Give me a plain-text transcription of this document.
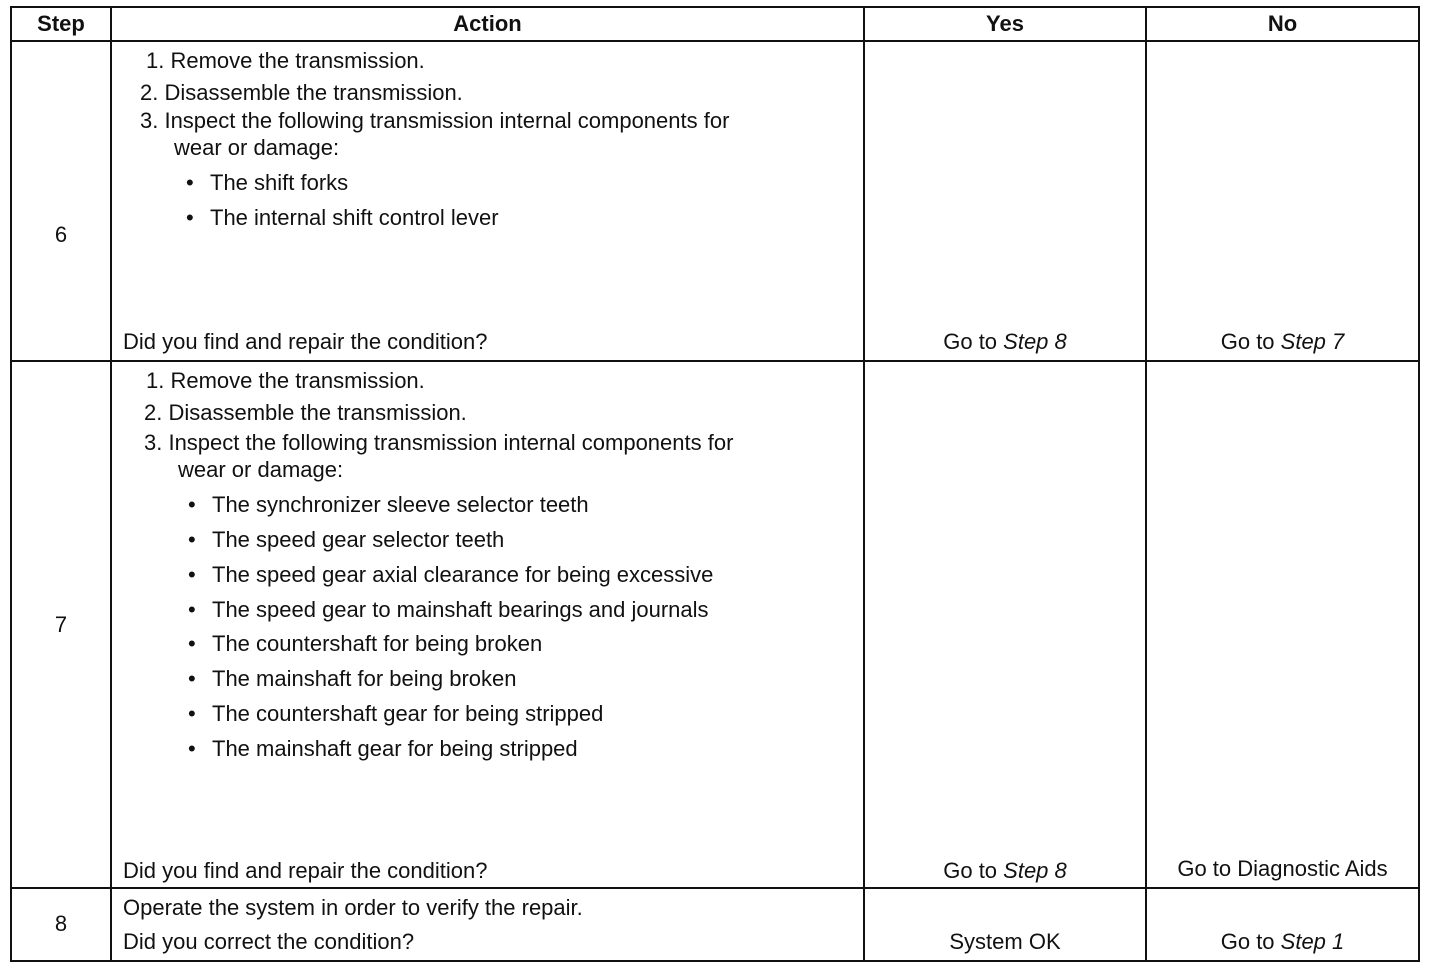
Step	Action	Yes	No
6
1. Remove the transmission.
2. Disassemble the transmission.
3. Inspect the following transmission internal components for
wear or damage:
• The shift forks
• The internal shift control lever
Did you find and repair the condition?	Go to Step 8	Go to Step 7
7
1. Remove the transmission.
2. Disassemble the transmission.
3. Inspect the following transmission internal components for
wear or damage:
• The synchronizer sleeve selector teeth
• The speed gear selector teeth
• The speed gear axial clearance for being excessive
• The speed gear to mainshaft bearings and journals
• The countershaft for being broken
• The mainshaft for being broken
• The countershaft gear for being stripped
• The mainshaft gear for being stripped
Did you find and repair the condition?	Go to Step 8	Go to Diagnostic Aids
8
Operate the system in order to verify the repair.
Did you correct the condition?	System OK	Go to Step 1
